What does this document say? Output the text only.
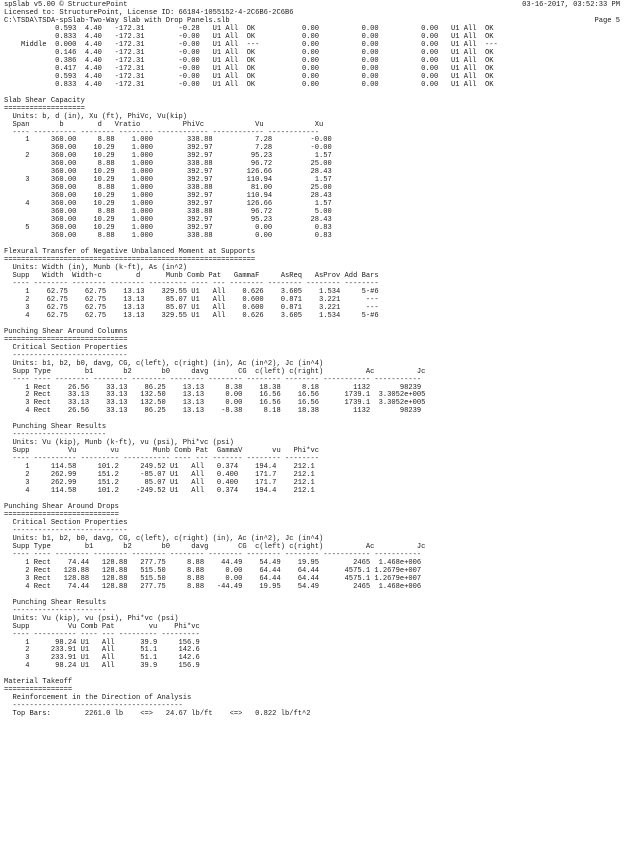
03-16-2017, 03:52:33 PM

Page 5
spSlab v5.00 © StructurePoint
Licensed to: StructurePoint, License ID: 66184-1055152-4-2C6B6-2C6B6
C:\TSDA\TSDA-spSlab-Two-Way Slab with Drop Panels.slb
0.593  4.40   -172.31        -0.28   U1 All  OK           0.00          0.00          0.00   U1 All  OK
0.833  4.40   -172.31        -0.00   U1 All  OK           0.00          0.00          0.00   U1 All  OK
Middle  0.000  4.40   -172.31        -0.00   U1 All  ---          0.00          0.00          0.00   U1 All  ---
0.146  4.40   -172.31        -0.00   U1 All  OK           0.00          0.00          0.00   U1 All  OK
0.386  4.40   -172.31        -0.00   U1 All  OK           0.00          0.00          0.00   U1 All  OK
0.417  4.40   -172.31        -0.00   U1 All  OK           0.00          0.00          0.00   U1 All  OK
0.593  4.40   -172.31        -0.00   U1 All  OK           0.00          0.00          0.00   U1 All  OK
0.833  4.40   -172.31        -0.00   U1 All  OK           0.00          0.00          0.00   U1 All  OK

Slab Shear Capacity
===================
Units: b, d (in), Xu (ft), PhiVc, Vu(kip)
Span       b        d   Vratio          PhiVc            Vu            Xu
---- ---------- -------- -------- ------------ ------------ ------------
1     360.00     8.88    1.000        338.88          7.28         -0.00
360.00    10.29    1.000        392.97          7.28         -0.00
2     360.00    10.29    1.000        392.97         95.23          1.57
360.00     8.88    1.000        338.88         96.72         25.00
360.00    10.29    1.000        392.97        126.66         28.43
3     360.00    10.29    1.000        392.97        110.94          1.57
360.00     8.88    1.000        338.88         81.00         25.00
360.00    10.29    1.000        392.97        110.94         28.43
4     360.00    10.29    1.000        392.97        126.66          1.57
360.00     8.88    1.000        338.88         96.72          5.00
360.00    10.29    1.000        392.97         95.23         28.43
5     360.00    10.29    1.000        392.97          0.00          0.83
360.00     8.88    1.000        338.88          0.00          0.83

Flexural Transfer of Negative Unbalanced Moment at Supports
===========================================================
Units: Width (in), Munb (k-ft), As (in^2)
Supp   Width  Width-c        d      Munb Comb Pat   GammaF     AsReq   AsProv Add Bars
---- -------- -------- -------- --------- ---- --- -------- -------- -------- --------
1    62.75    62.75    13.13    329.55 U1   All    0.626    3.605    1.534     5-#6
2    62.75    62.75    13.13     85.07 U1   All    0.600    0.871    3.221      ---
3    62.75    62.75    13.13     85.07 U1   All    0.600    0.871    3.221      ---
4    62.75    62.75    13.13    329.55 U1   All    0.626    3.605    1.534     5-#6

Punching Shear Around Columns
=============================
Critical Section Properties
---------------------------
Units: b1, b2, b0, davg, CG, c(left), c(right) (in), Ac (in^2), Jc (in^4)
Supp Type        b1       b2       b0     davg       CG  c(left) c(right)          Ac          Jc
---- ---- -------- -------- -------- -------- -------- -------- -------- ----------- -----------
1 Rect    26.56    33.13    86.25    13.13     8.38    18.38     8.18        1132       98239
2 Rect    33.13    33.13   132.50    13.13     0.00    16.56    16.56      1739.1  3.3052e+005
3 Rect    33.13    33.13   132.50    13.13     0.00    16.56    16.56      1739.1  3.3052e+005
4 Rect    26.56    33.13    86.25    13.13    -8.38     8.18    18.38        1132       98239

Punching Shear Results
----------------------
Units: Vu (kip), Munb (k-ft), vu (psi), Phi*vc (psi)
Supp         Vu        vu        Munb Comb Pat  GammaV       vu   Phi*vc
---- ---------- --------- ----------- ---- --- ------- -------- --------
1     114.58     101.2     249.52 U1   All   0.374    194.4    212.1
2     262.99     151.2     -85.07 U1   All   0.400    171.7    212.1
3     262.99     151.2      85.07 U1   All   0.400    171.7    212.1
4     114.58     101.2    -249.52 U1   All   0.374    194.4    212.1

Punching Shear Around Drops
===========================
Critical Section Properties
---------------------------
Units: b1, b2, b0, davg, CG, c(left), c(right) (in), Ac (in^2), Jc (in^4)
Supp Type        b1       b2       b0     davg       CG  c(left) c(right)          Ac          Jc
---- ---- -------- -------- -------- -------- -------- -------- -------- ----------- -----------
1 Rect    74.44   128.88   277.75     8.88    44.49    54.49    19.95        2465  1.468e+006
2 Rect   128.88   128.88   515.50     8.88     0.00    64.44    64.44      4575.1 1.2679e+007
3 Rect   128.88   128.88   515.50     8.88     0.00    64.44    64.44      4575.1 1.2679e+007
4 Rect    74.44   128.88   277.75     8.88   -44.49    19.95    54.49        2465  1.468e+006

Punching Shear Results
----------------------
Units: Vu (kip), vu (psi), Phi*vc (psi)
Supp         Vu Comb Pat        vu    Phi*vc
---- ---------- ---- --- --------- ---------
1      98.24 U1   All      39.9     156.9
2     233.91 U1   All      51.1     142.6
3     233.91 U1   All      51.1     142.6
4      98.24 U1   All      39.9     156.9

Material Takeoff
================
Reinforcement in the Direction of Analysis
----------------------------------------
Top Bars:        2261.0 lb    <=>   24.67 lb/ft    <=>   0.822 lb/ft^2
